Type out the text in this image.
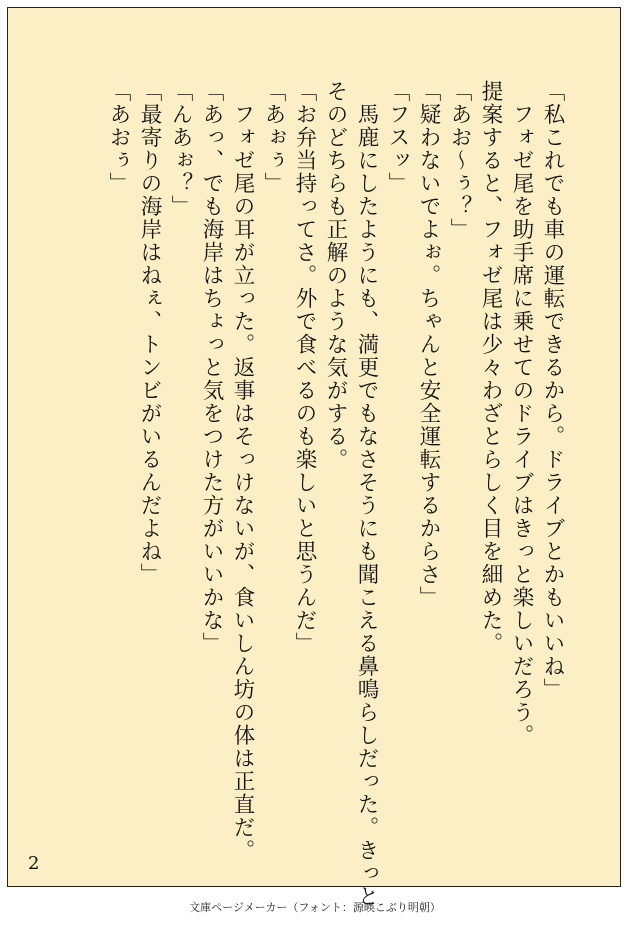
「私これでも車の運転できるから。ドライブとかもいいね」

　フォゼ尾を助手席に乗せてのドライブはきっと楽しいだろう。

提案すると、フォゼ尾は少々わざとらしく目を細めた。

「あお〜ぅ？」

「疑わないでよぉ。ちゃんと安全運転するからさ」

「フスッ」

　馬鹿にしたようにも、満更でもなさそうにも聞こえる鼻鳴らしだった。きっと

そのどちらも正解のような気がする。

「お弁当持ってさ。外で食べるのも楽しいと思うんだ」

「あぉぅ」

　フォゼ尾の耳が立った。返事はそっけないが、食いしん坊の体は正直だ。

「あっ、でも海岸はちょっと気をつけた方がいいかな」

「んあぉ？」

「最寄りの海岸はねぇ、トンビがいるんだよね」

「あおぅ」

2
文庫ページメーカー（フォント：源暎こぶり明朝）
